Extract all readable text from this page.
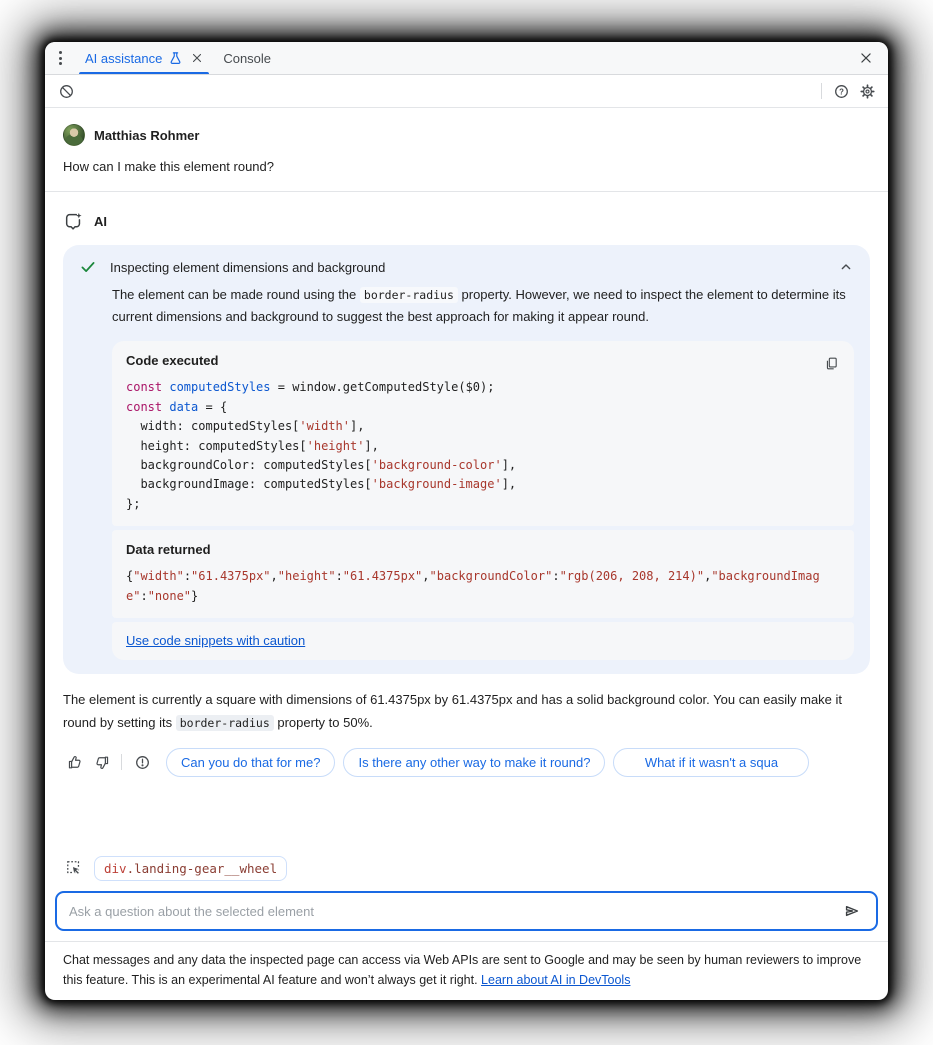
AI assistance	Console
?
Matthias Rohmer
How can I make this element round?
AI
Inspecting element dimensions and background
The element can be made round using the border-radius property. However, we need to inspect the element to determine its current dimensions and background to suggest the best approach for making it appear round.
Code executed
const computedStyles = window.getComputedStyle($0);
const data = {
width: computedStyles['width'],
height: computedStyles['height'],
backgroundColor: computedStyles['background-color'],
backgroundImage: computedStyles['background-image'],
};
Data returned
{"width":"61.4375px","height":"61.4375px","backgroundColor":"rgb(206, 208, 214)","backgroundImage":"none"}
Use code snippets with caution
The element is currently a square with dimensions of 61.4375px by 61.4375px and has a solid background color. You can easily make it round by setting its border-radius property to 50%.
Can you do that for me?	Is there any other way to make it round?	What if it wasn't a squa
div.landing-gear__wheel
Ask a question about the selected element
Chat messages and any data the inspected page can access via Web APIs are sent to Google and may be seen by human reviewers to improve this feature. This is an experimental AI feature and won’t always get it right. Learn about AI in DevTools
